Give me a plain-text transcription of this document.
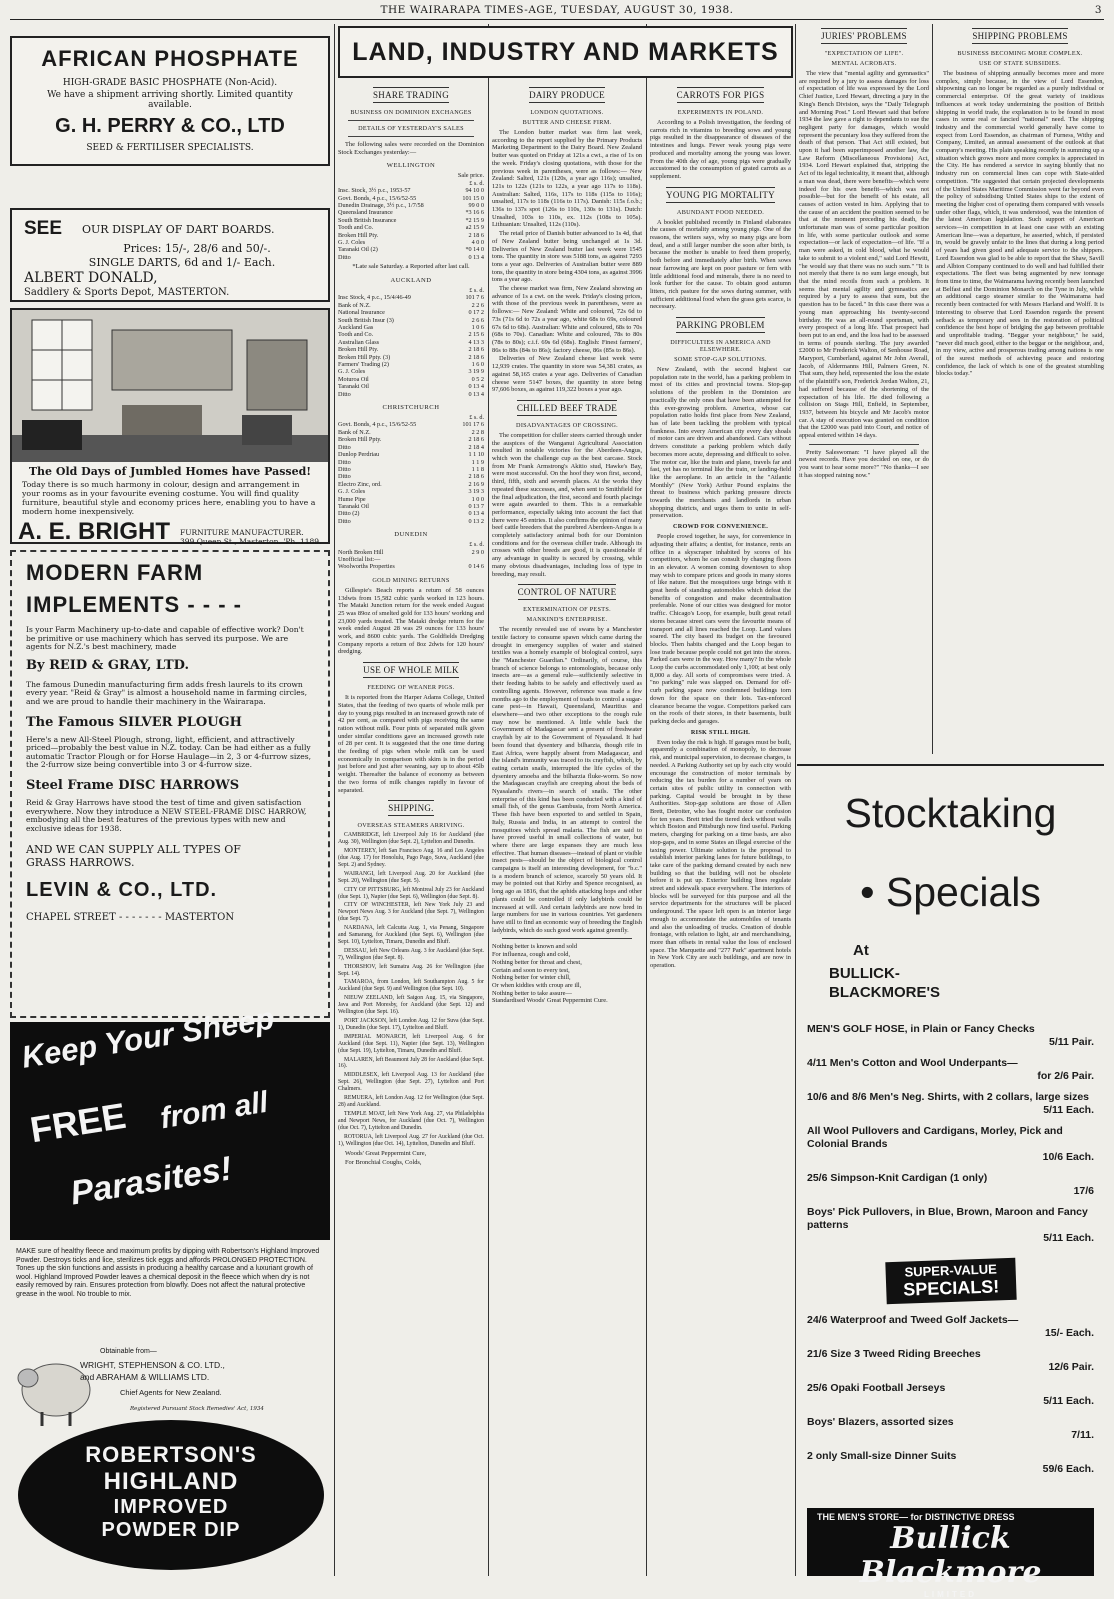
THE WAIRARAPA TIMES-AGE, TUESDAY, AUGUST 30, 1938.	3
AFRICAN PHOSPHATE
HIGH-GRADE BASIC PHOSPHATE (Non-Acid).
We have a shipment arriving shortly. Limited quantity available.
G. H. PERRY & CO., LTD
SEED & FERTILISER SPECIALISTS.
SEE OUR DISPLAY OF DART BOARDS.
Prices: 15/-, 28/6 and 50/-.
SINGLE DARTS, 6d and 1/- Each.
ALBERT DONALD,
Saddlery & Sports Depot, MASTERTON.
The Old Days of Jumbled Homes have Passed!
Today there is so much harmony in colour, design and arrangement in your rooms as in your favourite evening costume. You will find quality furniture, beautiful style and economy prices here, enabling you to have a modern home inexpensively.
A. E. BRIGHT FURNITURE MANUFACTURER.
399 Queen St., Masterton. 'Ph. 1189.
MODERN FARM
IMPLEMENTS - - - -
Is your Farm Machinery up-to-date and capable of effective work? Don't be primitive or use machinery which has served its purpose. We are agents for N.Z.'s best machinery, made
By REID & GRAY, LTD.
The famous Dunedin manufacturing firm adds fresh laurels to its crown every year. "Reid & Gray" is almost a household name in farming circles, and we are proud to handle their machinery in the Wairarapa.
The Famous SILVER PLOUGH
Here's a new All-Steel Plough, strong, light, efficient, and attractively priced—probably the best value in N.Z. today. Can be had either as a fully automatic Tractor Plough or for Horse Haulage—in 2, 3 or 4-furrow sizes, the 2-furrow size being convertible into 3 or 4-furrow size.
Steel Frame DISC HARROWS
Reid & Gray Harrows have stood the test of time and given satisfaction everywhere. Now they introduce a NEW STEEL-FRAME DISC HARROW, embodying all the best features of the previous types with new and exclusive ideas for 1938.
AND WE CAN SUPPLY ALL TYPES OF GRASS HARROWS.
LEVIN & CO., LTD.
CHAPEL STREET - - - - - - - MASTERTON
Keep Your Sheep
FREE from all
Parasites!
MAKE sure of healthy fleece and maximum profits by dipping with Robertson's Highland Improved Powder. Destroys ticks and lice, sterilizes tick eggs and affords PROLONGED PROTECTION. Tones up the skin functions and assists in producing a healthy carcase and a luxuriant growth of wool. Highland Improved Powder leaves a chemical deposit in the fleece which when dry is not easily removed by rain. Ensures protection from blowfly. Does not affect the natural protective grease in the wool. No trouble to mix.
Obtainable from—
WRIGHT, STEPHENSON & CO. LTD.,
and ABRAHAM & WILLIAMS LTD.
Chief Agents for New Zealand.
Registered Pursuant Stock Remedies' Act, 1934
ROBERTSON'S
HIGHLAND
IMPROVED
POWDER DIP
LAND, INDUSTRY AND MARKETS
SHARE TRADING
BUSINESS ON DOMINION EXCHANGES
DETAILS OF YESTERDAY'S SALES

The following sales were recorded on the Dominion Stock Exchanges yesterday:—

WELLINGTON
Sale price.
£ s. d.
Insc. Stock, 3½ p.c., 1953-57	94 10 0
Govt. Bonds, 4 p.c., 15/6/52-55	101 15 0
Dunedin Drainage, 3½ p.c., 1/7/58	99 0 0
Queensland Insurance	*3 16 6
South British Insurance	*2 15 9
Tooth and Co.	a2 15 9
Broken Hill Pty.	2 18 6
G. J. Coles	4 0 0
Taranaki Oil (2)	*0 14 0
Ditto	0 13 4
*Late sale Saturday. a Reported after last call.
AUCKLAND
£ s. d.
Insc Stock, 4 p.c., 15/4/46-49	101 7 6
Bank of N.Z.	2 2 6
National Insurance	0 17 2
South British Insur (3)	2 6 6
Auckland Gas	1 0 6
Tooth and Co.	2 15 6
Australian Glass	4 13 3
Broken Hill Pty.	2 18 6
Broken Hill Ppty. (3)	2 18 6
Farmers' Trading (2)	1 6 0
G. J. Coles	3 19 9
Moturoa Oil	0 5 2
Taranaki Oil	0 13 4
Ditto	0 13 4
CHRISTCHURCH
£ s. d.
Govt. Bonds, 4 p.c., 15/6/52-55	101 17 6
Bank of N.Z.	2 2 8
Broken Hill Ppty.	2 18 6
Ditto	2 18 4
Dunlop Perdriau	1 1 10
Ditto	1 1 9
Ditto	1 1 8
Ditto	2 18 6
Electro Zinc, ord.	2 16 9
G. J. Coles	3 19 3
Hume Pipe	1 0 0
Taranaki Oil	0 13 7
Ditto (2)	0 13 4
Ditto	0 13 2
DUNEDIN
£ s. d.
North Broken Hill	2 9 0
Unofficial list:—
Woolworths Properties	0 14 6
GOLD MINING RETURNS

Gillespie's Beach reports a return of 58 ounces 13dwts from 15,582 cubic yards worked in 123 hours. The Mataki Junction return for the week ended August 25 was 89oz of smelted gold for 133 hours' working and 23,000 yards treated. The Mataki dredge return for the week ended August 28 was 29 ounces for 133 hours' work, and 8600 cubic yards. The Goldfields Dredging Company reports a return of 8oz 2dwts for 120 hours' dredging.

USE OF WHOLE MILK
FEEDING OF WEANER PIGS.

It is reported from the Harper Adams College, United States, that the feeding of two quarts of whole milk per day to young pigs resulted in an increased growth rate of 42 per cent, as compared with pigs receiving the same ration without milk. Four pints of separated milk given under similar conditions gave an increased growth rate of 28 per cent. It is suggested that the one time during the feeding of pigs when whole milk can be used economically in comparison with skim is in the period just before and just after weaning, say up to about 45lb weight. Thereafter the balance of economy as between the two forms of milk changes rapidly in favour of separated.

SHIPPING.
OVERSEAS STEAMERS ARRIVING.

CAMBRIDGE, left Liverpool July 16 for Auckland (due Aug. 30), Wellington (due Sept. 2), Lyttelton and Dunedin.

MONTEREY, left San Francisco Aug. 16 and Los Angeles (due Aug. 17) for Honolulu, Pago Pago, Suva, Auckland (due Sept. 2) and Sydney.

WAIRANGI, left Liverpool Aug. 20 for Auckland (due Sept. 20), Wellington (due Sept. 5).

CITY OF PITTSBURG, left Montreal July 23 for Auckland (due Sept. 1), Napier (due Sept. 6), Wellington (due Sept. 8).

CITY OF WINCHESTER, left New York July 23 and Newport News Aug. 3 for Auckland (due Sept. 7), Wellington (due Sept. 7).

NARDANA, left Calcutta Aug. 1, via Penang, Singapore and Samarang, for Auckland (due Sept. 6), Wellington (due Sept. 10), Lyttelton, Timaru, Dunedin and Bluff.

DESSAU, left New Orleans Aug. 3 for Auckland (due Sept. 7), Wellington (due Sept. 8).

THORSHOV, left Sumatra Aug. 26 for Wellington (due Sept. 14).

TAMAROA, from London, left Southampton Aug. 5 for Auckland (due Sept. 9) and Wellington (due Sept. 10).

NIEUW ZEELAND, left Saigon Aug. 15, via Singapore, Java and Port Moresby, for Auckland (due Sept. 12) and Wellington (due Sept. 16).

PORT JACKSON, left London Aug. 12 for Suva (due Sept. 1), Dunedin (due Sept. 17), Lyttelton and Bluff.

IMPERIAL MONARCH, left Liverpool Aug. 6 for Auckland (due Sept. 11), Napier (due Sept. 13), Wellington (due Sept. 19), Lyttelton, Timaru, Dunedin and Bluff.

MALAREN, left Beaumont July 28 for Auckland (due Sept. 16).

MIDDLESEX, left Liverpool Aug. 13 for Auckland (due Sept. 26), Wellington (due Sept. 27), Lyttelton and Port Chalmers.

REMUERA, left London Aug. 12 for Wellington (due Sept. 28) and Auckland.

TEMPLE MOAT, left New York Aug. 27, via Philadelphia and Newport News, for Auckland (due Oct. 7), Wellington (due Oct. 7), Lyttelton and Dunedin.

ROTORUA, left Liverpool Aug. 27 for Auckland (due Oct. 1), Wellington (due Oct. 14), Lyttelton, Dunedin and Bluff.

Woods' Great Peppermint Cure,

For Bronchial Coughs, Colds,

DAIRY PRODUCE
LONDON QUOTATIONS.
BUTTER AND CHEESE FIRM.

The London butter market was firm last week, according to the report supplied by the Primary Products Marketing Department to the Dairy Board. New Zealand butter was quoted on Friday at 121s a cwt., a rise of 1s on the week. Friday's closing quotations, with those for the previous week in parentheses, were as follows:— New Zealand: Salted, 121s (120s, a year ago 116s); unsalted, 121s to 122s (121s to 122s, a year ago 117s to 118s). Australian: Salted, 116s, 117s to 118s (115s to 116s); unsalted, 117s to 118s (116s to 117s). Danish: 115s f.o.b.; 136s to 137s spot (126s to 110s, 130s to 131s). Dutch: Unsalted, 103s to 110s, ex. 112s (108s to 105s). Lithuanian: Unsalted, 112s (110s).

The retail price of Danish butter advanced to 1s 4d, that of New Zealand butter being unchanged at 1s 3d. Deliveries of New Zealand butter last week were 1545 tons. The quantity in store was 5188 tons, as against 7293 tons a year ago. Deliveries of Australian butter were 889 tons, the quantity in store being 4304 tons, as against 3996 tons a year ago.

The cheese market was firm, New Zealand showing an advance of 1s a cwt. on the week. Friday's closing prices, with those of the previous week in parentheses, were as follows:— New Zealand: White and coloured, 72s 6d to 73s (71s 6d to 72s a year ago, white 68s to 69s, coloured 67s 6d to 68s). Australian: White and coloured, 68s to 70s (68s to 70s). Canadian: White and coloured, 78s to 80s (78s to 80s); c.i.f. 69s 6d (68s). English: Finest farmers', 86s to 88s (84s to 86s); factory cheese, 86s (85s to 86s).

Deliveries of New Zealand cheese last week were 12,939 crates. The quantity in store was 54,381 crates, as against 58,165 crates a year ago. Deliveries of Canadian cheese were 5147 boxes, the quantity in store being 97,606 boxes, as against 119,322 boxes a year ago.

CHILLED BEEF TRADE
DISADVANTAGES OF CROSSING.

The competition for chiller steers carried through under the auspices of the Wanganui Agricultural Association resulted in notable victories for the Aberdeen-Angus, which won the challenge cup as the best carcase. Stock from Mr Frank Armstrong's Akitio stud, Hawke's Bay, were most successful. On the hoof they won first, second, third, fifth, sixth and seventh places. At the works they repeated these successes, and, when sent to Smithfield for the final adjudication, the first, second and fourth placings were again awarded to them. This is a remarkable performance, especially taking into account the fact that there were 45 entries. It also confirms the opinion of many beef cattle breeders that the purebred Aberdeen-Angus is a completely satisfactory animal both for our Dominion conditions and for the overseas chiller trade. Although its crosses with other breeds are good, it is questionable if any advantage in quality is secured by crossing, while many obvious disadvantages, including loss of type in breeding, may result.

CONTROL OF NATURE
EXTERMINATION OF PESTS.
MANKIND'S ENTERPRISE.

The recently revealed use of swans by a Manchester textile factory to consume spawn which came during the drought in emergency supplies of water and stained textiles was a homely example of biological control, says the "Manchester Guardian." Ordinarily, of course, this branch of science belongs to entomologists, because only insects are—as a general rule—sufficiently selective in their feeding habits to be safely and effectively used as controlling agents. However, reference was made a few months ago to the employment of toads to control a sugar-cane pest—in Hawaii, Queensland, Mauritius and elsewhere—and two other exceptions to the rough rule may now be mentioned. A little while back the Government of Madagascar sent a present of freshwater crayfish by air to the Government of Nyasaland. It had been found that dysentery and bilharzia, though rife in East Africa, were happily absent from Madagascar, and the island's immunity was traced to its crayfish, which, by eating certain snails, interrupted the life cycles of the dysentery amoeba and the bilharzia fluke-worm. So now the Madagascan crayfish are creeping about the beds of Nyasaland's rivers—in search of snails. The other enterprise of this kind has been conducted with a kind of small fish, of the genus Gambusia, from North America. These fish have been exported to and settled in Spain, Italy, Russia and India, in an attempt to control the mosquitoes which spread malaria. The fish are said to have proved useful in small collections of water, but where there are large expanses they are much less effective. That human diseases—instead of plant or visible insect pests—should be the object of biological control campaigns is itself an interesting development, for "b.c." is a modern branch of science, scarcely 50 years old. It may be pointed out that Kirby and Spence recognised, as long ago as 1816, that the aphids attacking hops and other plants could be controlled if only ladybirds could be increased at will. And certain ladybirds are now bred in large numbers for use in various countries. Yet gardeners have still to find an economic way of breeding the English ladybirds, which do such good work against greenfly.

Nothing better is known and sold
For influenza, cough and cold,
Nothing better for throat and chest,
Certain and soon to every test,
Nothing better for winter chill,
Or when kiddies with croup are ill,
Nothing better to take assure—
Standardised Woods' Great Peppermint Cure.
CARROTS FOR PIGS
EXPERIMENTS IN POLAND.

According to a Polish investigation, the feeding of carrots rich in vitamins to breeding sows and young pigs resulted in the disappearance of diseases of the intestines and lungs. Fewer weak young pigs were produced and mortality among the young was lower. From the 40th day of age, young pigs were gradually accustomed to the consumption of grated carrots as a supplement.

YOUNG PIG MORTALITY
ABUNDANT FOOD NEEDED.

A booklet published recently in Finland elaborates the causes of mortality among young pigs. One of the reasons, the writers says, why so many pigs are born dead, and a still larger number die soon after birth, is because the mother is unable to feed them properly, both before and immediately after birth. When sows near farrowing are kept on poor pasture or fern with little additional food and minerals, there is no need to look further for the cause. To obtain good autumn litters, rich pasture for the sows during summer, with sufficient additional food when the grass gets scarce, is necessary.

PARKING PROBLEM
DIFFICULTIES IN AMERICA AND ELSEWHERE.
SOME STOP-GAP SOLUTIONS.

New Zealand, with the second highest car population rate in the world, has a parking problem in most of its cities and provincial towns. Stop-gap solutions of the problem in the Dominion are practically the only ones that have been attempted for this ever-growing problem. America, whose car population ratio holds first place from New Zealand, has of late been tackling the problem with typical frankness. Into every American city every day shoals of motor cars are driven and abandoned. Cars without drivers constitute a parking problem which daily becomes more acute, depressing and difficult to solve. The motor car, like the train and plane, travels far and fast, yet has no terminal like the train, or landing-field like the aeroplane. In an article in the "Atlantic Monthly" (New York) Arthur Pound explains the threat to business which parking pressure directs towards the merchants and landlords in urban shopping districts, and urges them to unite in self-preservation.

CROWD FOR CONVENIENCE.

People crowd together, he says, for convenience in adjusting their affairs; a dentist, for instance, rents an office in a skyscraper inhabited by scores of his competitors, whom he can consult by changing floors in an elevator. A women coming downtown to shop may wish to compare prices and goods in many stores of like nature. But the mosquitoes urge brings with it great herds of standing automobiles which defeat the benefits of congestion and make decentralisation preferable. None of our cities was designed for motor traffic. Chicago's Loop, for example, built great retail stores because street cars were the favourite means of transport and all lines reached the Loop. Land values soared. The city based its budget on the favoured blocks. Then habits changed and the Loop began to lose trade because people could not get into the stores. Parked cars were in the way. How many? In the whole Loop the curbs accommodated only 1,100; at best only 8,000 a day. All sorts of compromises were tried. A "no parking" rule was slapped on. Demand for off-curb parking space now condemned buildings torn down for the space on their lots. Tax-enforced clearance became the vogue. Competitors parked cars on the roofs of their stores, in their basements, built parking decks and garages.

RISK STILL HIGH.

Even today the risk is high. If garages must be built, apparently a combination of monopoly, to decrease risk, and municipal supervision, to decrease charges, is needed. A Parking Authority set up by each city would encourage the construction of motor terminals by reducing the tax burden for a number of years on certain sites of public utility in connection with parking. Capital would be brought in by these Authorities. Stop-gap solutions are those of Allen Brett, Detroiter, who has fought motor car confusion for ten years. Brett tried the tiered deck without walls which Boston and Pittsburgh now find useful. Parking meters, charging for parking on a time basis, are also stop-gaps, and in some States an illegal exercise of the taxing power. Ultimate solution is the proposal to establish interior parking lanes for future buildings, to take care of the parking demand created by each new building so that the building will not be obsolete before it is put up. Exterior building lines regulate street and sidewalk space everywhere. The interiors of blocks will be surveyed for this purpose and all the service departments for the structures will be placed underground. The space left open is an interior large enough to accommodate the automobiles of tenants and also the unloading of trucks. Creation of double frontage, with relation to light, air and merchandising, more than offsets in rental value the loss of enclosed space. The Marquette and "277 Park" apartment hotels in New York City are such buildings, and are now in operation.

JURIES' PROBLEMS
"EXPECTATION OF LIFE".
MENTAL ACROBATS.

The view that "mental agility and gymnastics" are required by a jury to assess damages for loss of expectation of life was expressed by the Lord Chief Justice, Lord Hewart, directing a jury in the King's Bench Division, says the "Daily Telegraph and Morning Post." Lord Hewart said that before 1934 the law gave a right to dependants to sue the negligent party for damages, which would represent the pecuniary loss they suffered from the death of that person. That Act still existed, but upon it had been superimposed another law, the Law Reform (Miscellaneous Provisions) Act, 1934. Lord Hewart explained that, stripping the Act of its legal technicality, it meant that, although a man was dead, there were benefits—which were indeed for his own benefit—which was not possible—but for the benefit of his estate, all causes of action vested in him. Applying that to the cause of an accident the position seemed to be that at the moment preceding his death, the unfortunate man was of some particular position in life, with some particular outlook and some expectation—or lack of expectation—of life. "If a man were asked, in cold blood, what he would take to submit to a violent end," said Lord Hewitt, "he would say that there was no such sum." "It is not merely that there is no sum large enough, but that the mind recoils from such a problem. It seems that mental agility and gymnastics are required by a jury to assess that sum, but the question has to be faced." In this case there was a young man approaching his twenty-second birthday. He was an all-round sportsman, with every prospect of a long life. That prospect had been put to an end, and the loss had to be assessed in terms of pounds sterling. The jury awarded £2000 to Mr Frederick Walton, of Senhouse Road, Maryport, Cumberland, against Mr John Averall, Jacob, of Aldermanns Hill, Palmers Green, N. That sum, they held, represented the loss the estate of the plaintiff's son, Frederick Jordan Walton, 21, had suffered because of the shortening of the expectation of his life. He died following a collision on Stags Hill, Enfield, in September, 1937, between his bicycle and Mr Jacob's motor car. A stay of execution was granted on condition that the £2000 was paid into Court, and notice of appeal entered within 14 days.

Pretty Saleswoman: "I have played all the newest records. Have you decided on one, or do you want to hear some more?" "No thanks—I see it has stopped raining now."

SHIPPING PROBLEMS
BUSINESS BECOMING MORE COMPLEX.
USE OF STATE SUBSIDIES.

The business of shipping annually becomes more and more complex, simply because, in the view of Lord Essendon, shipowning can no longer be regarded as a purely individual or commercial enterprise. Of the great variety of insidious influences at work today undermining the position of British shipping in world trade, the explanation is to be found in most cases in some real or fancied "national" need. The shipping industry and the commercial world generally have come to expect from Lord Essendon, as chairman of Furness, Withy and Company, Limited, an annual assessment of the outlook at that company's meeting. His plain speaking recently in summing up a situation which grows more and more complex is appreciated in the City. He has rendered a service in saying bluntly that no industry run on commercial lines can cope with State-aided competition. "He suggested that certain projected developments of the United States Maritime Commission went far beyond even the policy of subsidising United States ships to the extent of meeting the higher cost of operating them compared with vessels under other flags, which, it was understood, was the intention of the latest American legislation. Such support of American services—in competition in at least one case with an existing American line—was a departure, he asserted, which, if persisted in, would be gravely unfair to the lines that during a long period of years had given good and adequate service to the shippers. Lord Essendon was glad to be able to report that the Shaw, Savill and Albion Company continued to do well and had fulfilled their expectations. The fleet was being augmented by new tonnage from time to time, the Waimarama having recently been launched at Belfast and the Dominion Monarch on the Tyne in July, while an additional cargo steamer similar to the Waimarama had recently been contracted for with Messrs Harland and Wolff. It is interesting to observe that Lord Essendon regards the present setback as temporary and sees in the restoration of political confidence the best hope of bridging the gap between profitable and unprofitable trading. "Beggar your neighbour," he said, "never did much good, either to the beggar or the neighbour, and, in my view, active and prosperous trading among nations is one of the surest methods of achieving peace and restoring confidence, the lack of which is one of the greatest stumbling blocks today."

Stocktaking
• Specials
At
BULLICK-
BLACKMORE'S
MEN'S GOLF HOSE, in Plain or Fancy Checks
5/11 Pair.
4/11 Men's Cotton and Wool Underpants—
for 2/6 Pair.
10/6 and 8/6 Men's Neg. Shirts, with 2 collars, large sizes
5/11 Each.
All Wool Pullovers and Cardigans, Morley, Pick and Colonial Brands
10/6 Each.
25/6 Simpson-Knit Cardigan (1 only)
17/6
Boys' Pick Pullovers, in Blue, Brown, Maroon and Fancy patterns
5/11 Each.
SUPER-VALUE
SPECIALS!
24/6 Waterproof and Tweed Golf Jackets—
15/- Each.
21/6 Size 3 Tweed Riding Breeches
12/6 Pair.
25/6 Opaki Football Jerseys
5/11 Each.
Boys' Blazers, assorted sizes
7/11.
2 only Small-size Dinner Suits
59/6 Each.
THE MEN'S STORE— for DISTINCTIVE DRESS
Bullick Blackmore
LIMITED
